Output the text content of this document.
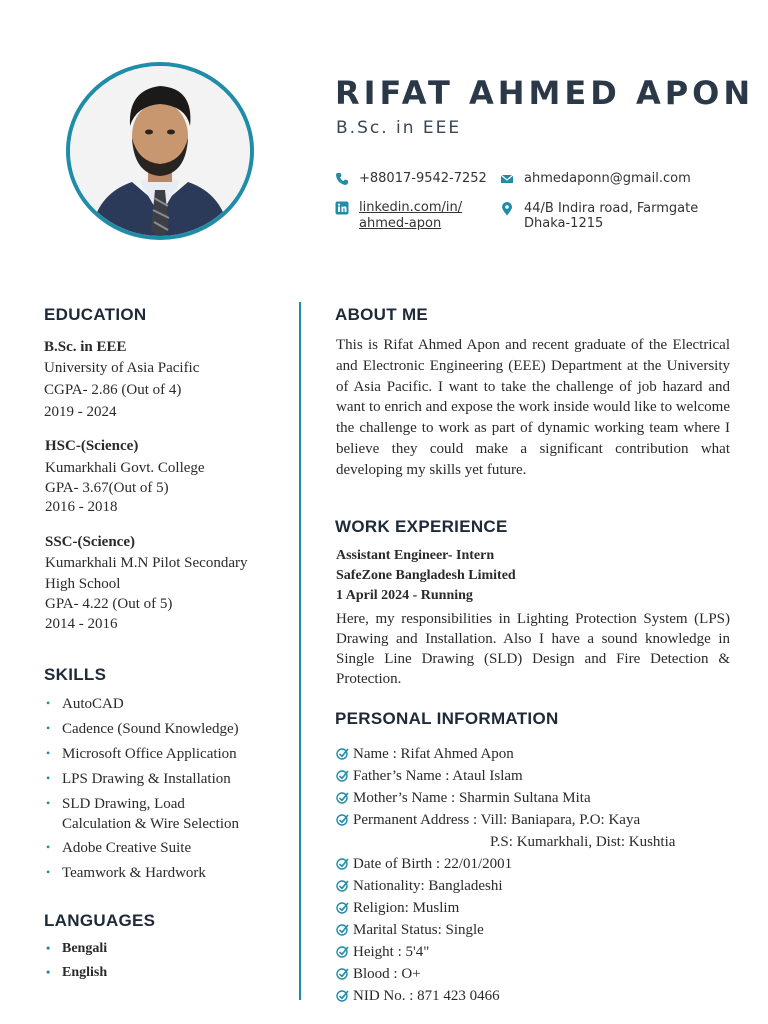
RIFAT AHMED APON
B.Sc. in EEE
+88017-9542-7252	ahmedaponn@gmail.com
linkedin.com/in/
ahmed-apon
44/B Indira road, Farmgate
Dhaka-1215
EDUCATION
B.Sc. in EEE
University of Asia Pacific
CGPA- 2.86 (Out of 4)
2019 - 2024
HSC-(Science)
Kumarkhali Govt. College
GPA- 3.67(Out of 5)
2016 - 2018
SSC-(Science)
Kumarkhali M.N Pilot Secondary
High School
GPA- 4.22 (Out of 5)
2014 - 2016
SKILLS
• AutoCAD
• Cadence (Sound Knowledge)
• Microsoft Office Application
• LPS Drawing & Installation
• SLD Drawing, Load
Calculation & Wire Selection
• Adobe Creative Suite
• Teamwork & Hardwork
LANGUAGES
• Bengali
• English
ABOUT ME
This is Rifat Ahmed Apon and recent graduate of the Electrical and Electronic Engineering (EEE) Department at the University of Asia Pacific. I want to take the challenge of job hazard and want to enrich and expose the work inside would like to welcome the challenge to work as part of dynamic working team where I believe they could make a significant contribution what developing my skills yet future.
WORK EXPERIENCE
Assistant Engineer- Intern
SafeZone Bangladesh Limited
1 April 2024 - Running
Here, my responsibilities in Lighting Protection System (LPS) Drawing and Installation. Also I have a sound knowledge in Single Line Drawing (SLD) Design and Fire Detection & Protection.
PERSONAL INFORMATION
Name : Rifat Ahmed Apon
Father’s Name : Ataul Islam
Mother’s Name : Sharmin Sultana Mita
Permanent Address : Vill: Baniapara, P.O: Kaya
P.S: Kumarkhali, Dist: Kushtia
Date of Birth : 22/01/2001
Nationality: Bangladeshi
Religion: Muslim
Marital Status: Single
Height : 5'4"
Blood : O+
NID No. : 871 423 0466
